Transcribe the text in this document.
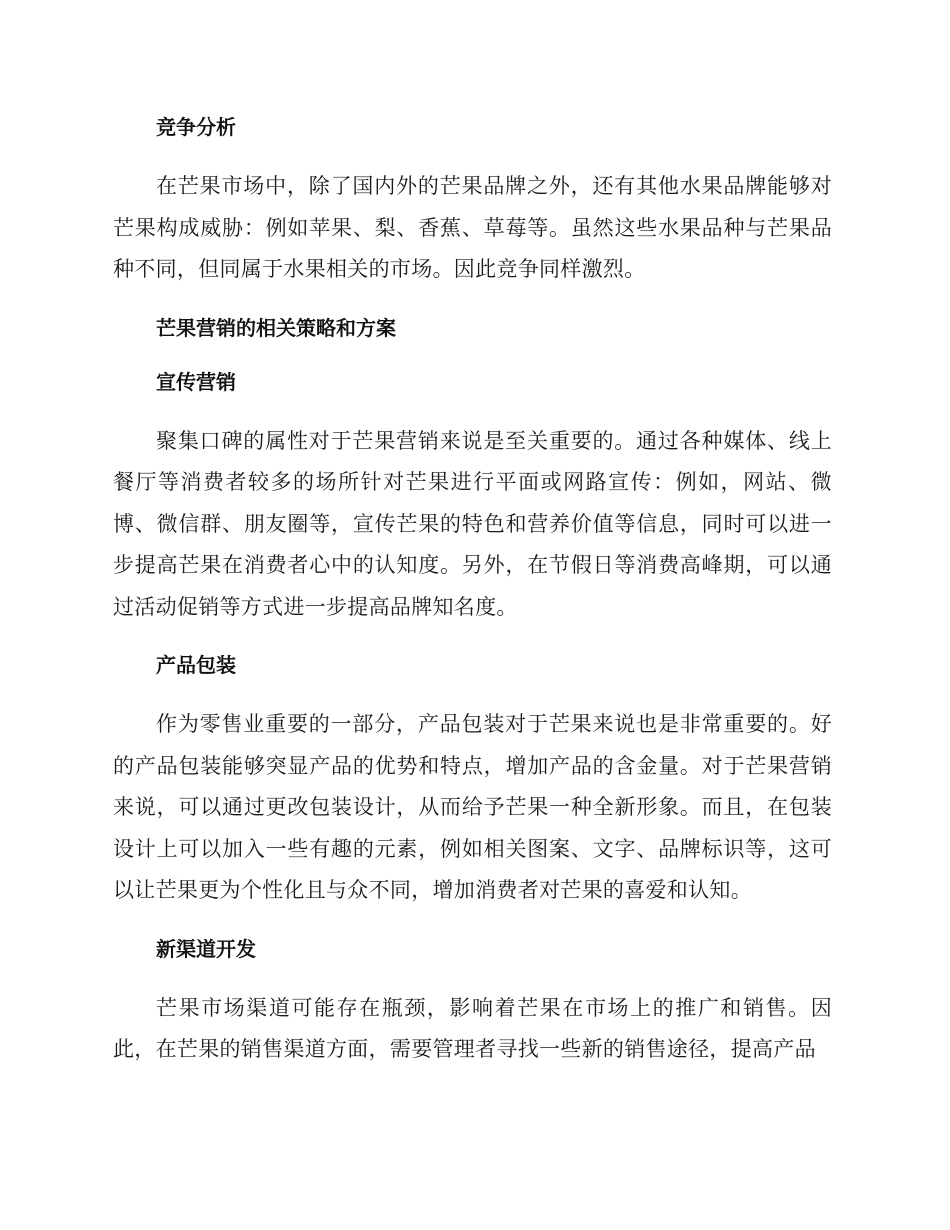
竞争分析

在芒果市场中，除了国内外的芒果品牌之外，还有其他水果品牌能够对芒果构成威胁：例如苹果、梨、香蕉、草莓等。虽然这些水果品种与芒果品种不同，但同属于水果相关的市场。因此竞争同样激烈。

芒果营销的相关策略和方案
宣传营销

聚集口碑的属性对于芒果营销来说是至关重要的。通过各种媒体、线上餐厅等消费者较多的场所针对芒果进行平面或网路宣传：例如，网站、微博、微信群、朋友圈等，宣传芒果的特色和营养价值等信息，同时可以进一步提高芒果在消费者心中的认知度。另外，在节假日等消费高峰期，可以通过活动促销等方式进一步提高品牌知名度。

产品包装

作为零售业重要的一部分，产品包装对于芒果来说也是非常重要的。好的产品包装能够突显产品的优势和特点，增加产品的含金量。对于芒果营销来说，可以通过更改包装设计，从而给予芒果一种全新形象。而且，在包装设计上可以加入一些有趣的元素，例如相关图案、文字、品牌标识等，这可以让芒果更为个性化且与众不同，增加消费者对芒果的喜爱和认知。

新渠道开发

芒果市场渠道可能存在瓶颈，影响着芒果在市场上的推广和销售。因此，在芒果的销售渠道方面，需要管理者寻找一些新的销售途径，提高产品
